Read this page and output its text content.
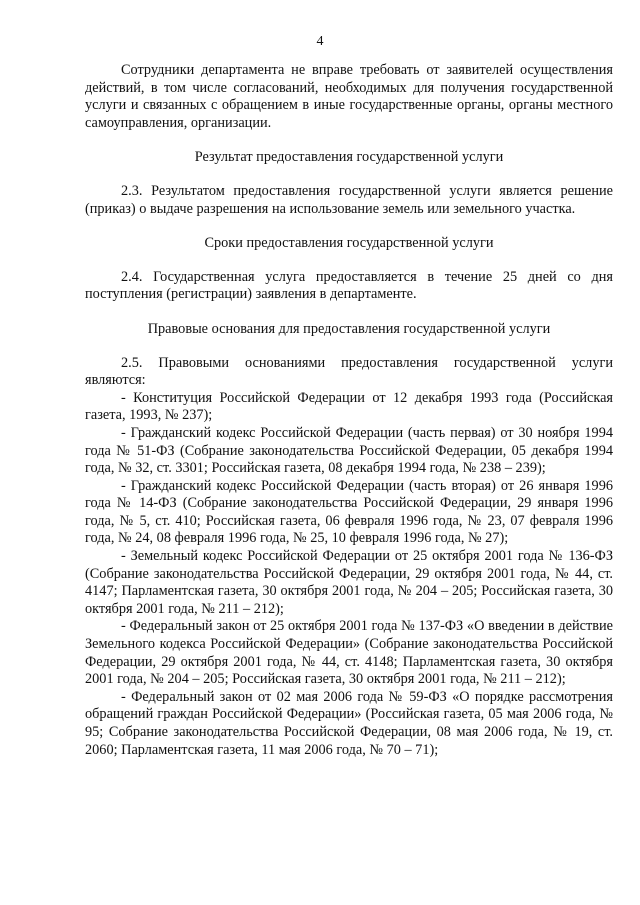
4

Сотрудники департамента не вправе требовать от заявителей осуществления действий, в том числе согласований, необходимых для получения государственной услуги и связанных с обращением в иные государственные органы, органы местного самоуправления, организации.

Результат предоставления государственной услуги

2.3. Результатом предоставления государственной услуги является решение (приказ) о выдаче разрешения на использование земель или земельного участка.

Сроки предоставления государственной услуги

2.4. Государственная услуга предоставляется в течение 25 дней со дня поступления (регистрации) заявления в департаменте.

Правовые основания для предоставления государственной услуги

2.5. Правовыми основаниями предоставления государственной услуги являются:

- Конституция Российской Федерации от 12 декабря 1993 года (Российская газета, 1993, № 237);

- Гражданский кодекс Российской Федерации (часть первая) от 30 ноября 1994 года № 51-ФЗ (Собрание законодательства Российской Федерации, 05 декабря 1994 года, № 32, ст. 3301; Российская газета, 08 декабря 1994 года, № 238 – 239);

- Гражданский кодекс Российской Федерации (часть вторая) от 26 января 1996 года № 14-ФЗ (Собрание законодательства Российской Федерации, 29 января 1996 года, № 5, ст. 410; Российская газета, 06 февраля 1996 года, № 23, 07 февраля 1996 года, № 24, 08 февраля 1996 года, № 25, 10 февраля 1996 года, № 27);

- Земельный кодекс Российской Федерации от 25 октября 2001 года № 136-ФЗ (Собрание законодательства Российской Федерации, 29 октября 2001 года, № 44, ст. 4147; Парламентская газета, 30 октября 2001 года, № 204 – 205; Российская газета, 30 октября 2001 года, № 211 – 212);

- Федеральный закон от 25 октября 2001 года № 137-ФЗ «О введении в действие Земельного кодекса Российской Федерации» (Собрание законодательства Российской Федерации, 29 октября 2001 года, № 44, ст. 4148; Парламентская газета, 30 октября 2001 года, № 204 – 205; Российская газета, 30 октября 2001 года, № 211 – 212);

- Федеральный закон от 02 мая 2006 года № 59-ФЗ «О порядке рассмотрения обращений граждан Российской Федерации» (Российская газета, 05 мая 2006 года, № 95; Собрание законодательства Российской Федерации, 08 мая 2006 года, № 19, ст. 2060; Парламентская газета, 11 мая 2006 года, № 70 – 71);
